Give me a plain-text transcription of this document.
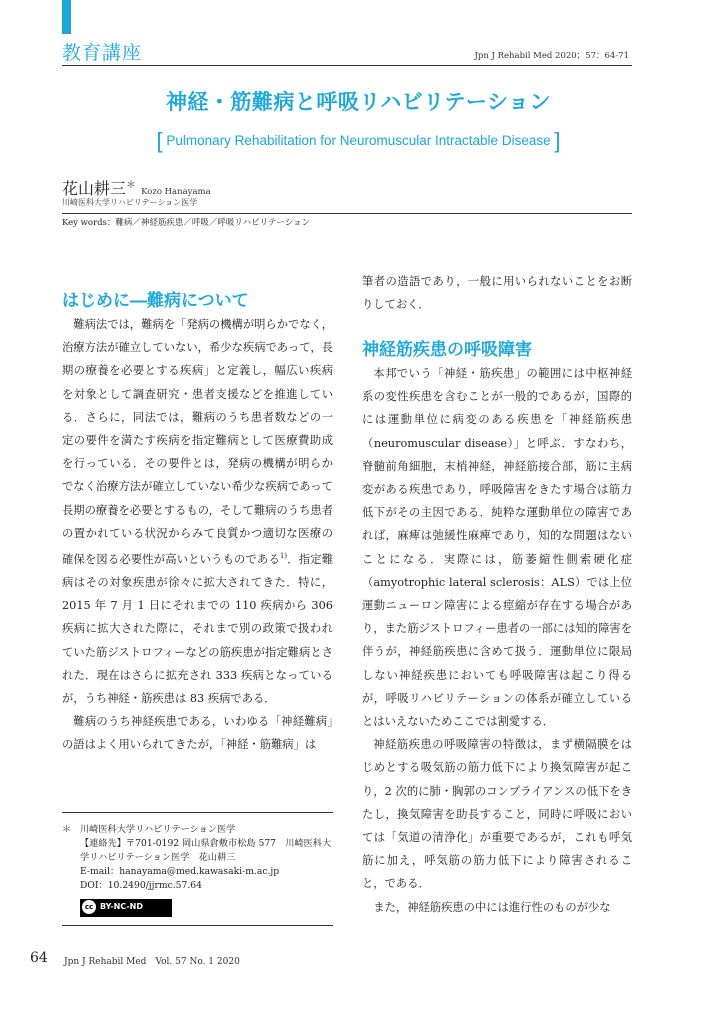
教育講座	Jpn J Rehabil Med 2020；57：64-71
神経・筋難病と呼吸リハビリテーション
[ Pulmonary Rehabilitation for Neuromuscular Intractable Disease ]
花山耕三＊ Kozo Hanayama
川崎医科大学リハビリテーション医学
Key words：難病／神経筋疾患／呼吸／呼吸リハビリテーション
はじめに―難病について

難病法では，難病を「発病の機構が明らかでなく，治療方法が確立していない，希少な疾病であって，長期の療養を必要とする疾病」と定義し，幅広い疾病を対象として調査研究・患者支援などを推進している．さらに，同法では，難病のうち患者数などの一定の要件を満たす疾病を指定難病として医療費助成を行っている．その要件とは，発病の機構が明らかでなく治療方法が確立していない希少な疾病であって長期の療養を必要とするもの，そして難病のうち患者の置かれている状況からみて良質かつ適切な医療の確保を図る必要性が高いというものである$^{1)}$．指定難病はその対象疾患が徐々に拡大されてきた．特に，2015 年 7 月 1 日にそれまでの 110 疾病から 306 疾病に拡大された際に，それまで別の政策で扱われていた筋ジストロフィーなどの筋疾患が指定難病とされた．現在はさらに拡充され 333 疾病となっているが，うち神経・筋疾患は 83 疾病である．

難病のうち神経疾患である，いわゆる「神経難病」の語はよく用いられてきたが，「神経・筋難病」は

筆者の造語であり，一般に用いられないことをお断りしておく．

神経筋疾患の呼吸障害

本邦でいう「神経・筋疾患」の範囲には中枢神経系の変性疾患を含むことが一般的であるが，国際的には運動単位に病変のある疾患を「神経筋疾患（neuromuscular disease）」と呼ぶ．すなわち，脊髄前角細胞，末梢神経，神経筋接合部，筋に主病変がある疾患であり，呼吸障害をきたす場合は筋力低下がその主因である．純粋な運動単位の障害であれば，麻痺は弛緩性麻痺であり，知的な問題はないことになる．実際には，筋萎縮性側索硬化症（amyotrophic lateral sclerosis：ALS）では上位運動ニューロン障害による痙縮が存在する場合があり，また筋ジストロフィー患者の一部には知的障害を伴うが，神経筋疾患に含めて扱う．運動単位に限局しない神経疾患においても呼吸障害は起こり得るが，呼吸リハビリテーションの体系が確立しているとはいえないためここでは割愛する．

神経筋疾患の呼吸障害の特徴は，まず横隔膜をはじめとする吸気筋の筋力低下により換気障害が起こり，2 次的に肺・胸郭のコンプライアンスの低下をきたし，換気障害を助長すること，同時に呼吸においては「気道の清浄化」が重要であるが，これも呼気筋に加え，呼気筋の筋力低下により障害されること，である．

また，神経筋疾患の中には進行性のものが少な

＊ 川崎医科大学リハビリテーション医学
【連絡先】〒701-0192 岡山県倉敷市松島 577　川崎医科大学リハビリテーション医学　花山耕三
E-mail：hanayama@med.kawasaki-m.ac.jp
DOI：10.2490/jjrmc.57.64
cc BY-NC-ND
64 Jpn J Rehabil Med　Vol. 57 No. 1 2020
